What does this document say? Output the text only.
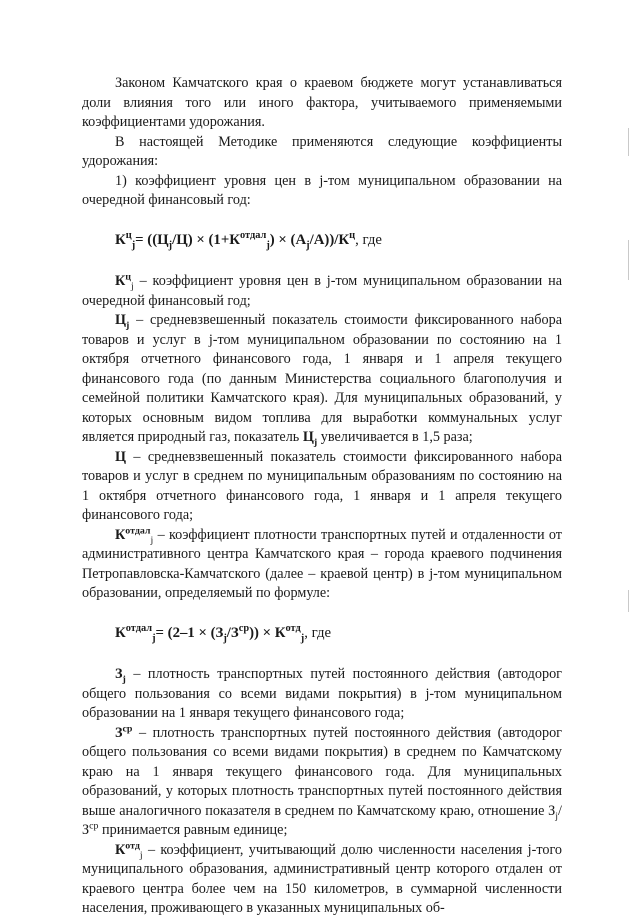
Законом Камчатского края о краевом бюджете могут устанавливаться доли влияния того или иного фактора, учитываемого применяемыми коэффициентами удорожания.

В настоящей Методике применяются следующие коэффициенты удорожания:

1) коэффициент уровня цен в j-том муниципальном образовании на очередной финансовый год:

$К^ц_j= ((Ц_j/Ц) \times (1+К^{отдал}_j) \times (А_j/А))/К^ц$, где

$К^ц_j$ – коэффициент уровня цен в j-том муниципальном образовании на очередной финансовый год;

$Ц_j$ – средневзвешенный показатель стоимости фиксированного набора товаров и услуг в j-том муниципальном образовании по состоянию на 1 октября отчетного финансового года, 1 января и 1 апреля текущего финансового года (по данным Министерства социального благополучия и семейной политики Камчатского края). Для муниципальных образований, у которых основным видом топлива для выработки коммунальных услуг является природный газ, показатель $Ц_j$ увеличивается в 1,5 раза;

Ц – средневзвешенный показатель стоимости фиксированного набора товаров и услуг в среднем по муниципальным образованиям по состоянию на 1 октября отчетного финансового года, 1 января и 1 апреля текущего финансового года;

$К^{отдал}_j$ – коэффициент плотности транспортных путей и отдаленности от административного центра Камчатского края – города краевого подчинения Петропавловска-Камчатского (далее – краевой центр) в j-том муниципальном образовании, определяемый по формуле:

$К^{отдал}_j= (2-1 \times (З_j/З^{ср})) \times К^{отд}_j$, где

$З_j$ – плотность транспортных путей постоянного действия (автодорог общего пользования со всеми видами покрытия) в j-том муниципальном образовании на 1 января текущего финансового года;

$З^{ср}$ – плотность транспортных путей постоянного действия (автодорог общего пользования со всеми видами покрытия) в среднем по Камчатскому краю на 1 января текущего финансового года. Для муниципальных образований, у которых плотность транспортных путей постоянного действия выше аналогичного показателя в среднем по Камчатскому краю, отношение $З_j/З^{ср}$ принимается равным единице;

$К^{отд}_j$ – коэффициент, учитывающий долю численности населения j-того муниципального образования, административный центр которого отдален от краевого центра более чем на 150 километров, в суммарной численности населения, проживающего в указанных муниципальных об-
